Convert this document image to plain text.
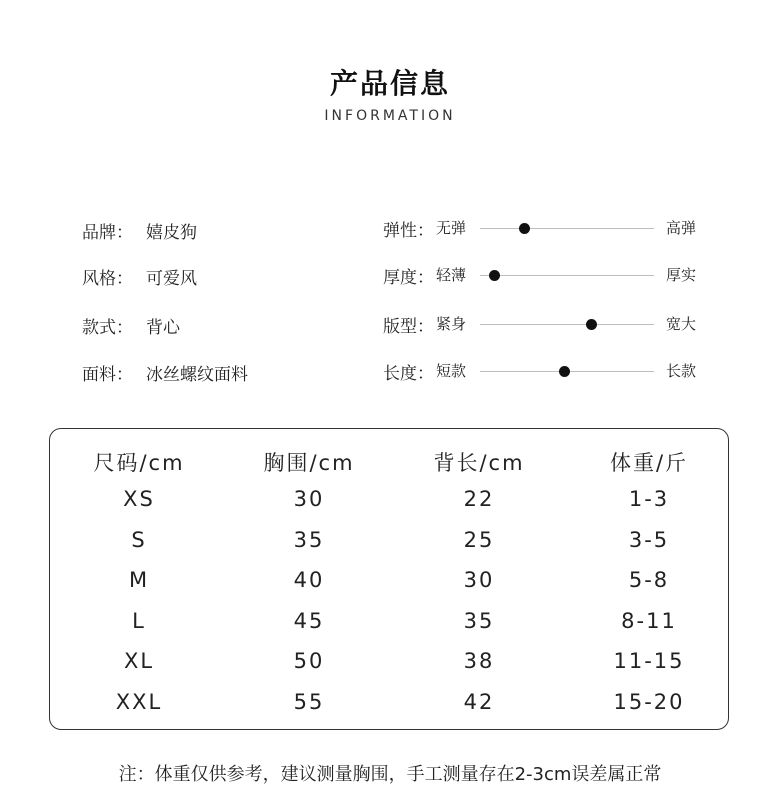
产品信息
INFORMATION
品牌： 嬉皮狗
风格： 可爱风
款式： 背心
面料： 冰丝螺纹面料
弹性： 无弹	高弹
厚度： 轻薄	厚实
版型： 紧身	宽大
长度： 短款	长款
尺码/cm	胸围/cm	背长/cm	体重/斤
XS	30	22	1-3
S	35	25	3-5
M	40	30	5-8
L	45	35	8-11
XL	50	38	11-15
XXL	55	42	15-20
注：体重仅供参考，建议测量胸围，手工测量存在2-3cm误差属正常
